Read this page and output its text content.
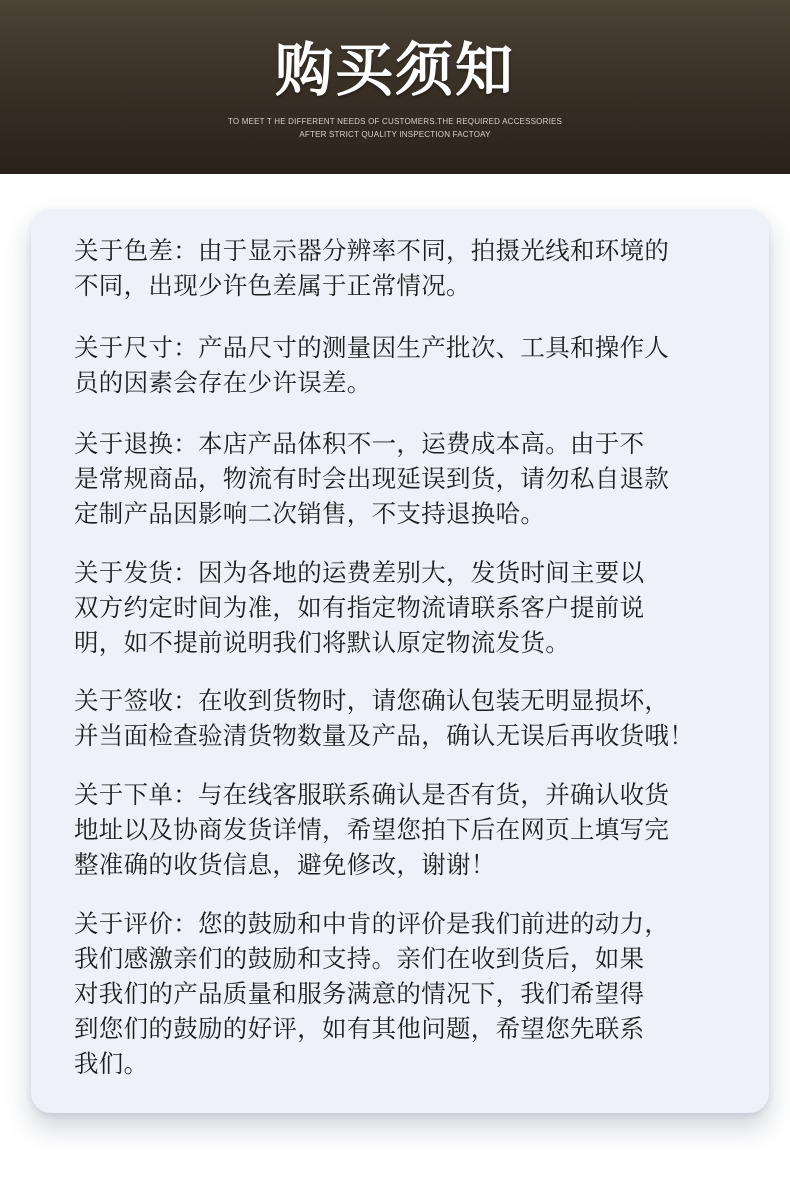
购买须知
TO MEET T HE DIFFERENT NEEDS OF CUSTOMERS.THE REQUIRED ACCESSORIES
AFTER STRICT QUALITY INSPECTION FACTOAY

关于色差：由于显示器分辨率不同，拍摄光线和环境的
不同，出现少许色差属于正常情况。

关于尺寸：产品尺寸的测量因生产批次、工具和操作人
员的因素会存在少许误差。

关于退换：本店产品体积不一，运费成本高。由于不
是常规商品，物流有时会出现延误到货，请勿私自退款
定制产品因影响二次销售，不支持退换哈。

关于发货：因为各地的运费差别大，发货时间主要以
双方约定时间为准，如有指定物流请联系客户提前说
明，如不提前说明我们将默认原定物流发货。

关于签收：在收到货物时，请您确认包装无明显损坏，
并当面检查验清货物数量及产品，确认无误后再收货哦！

关于下单：与在线客服联系确认是否有货，并确认收货
地址以及协商发货详情，希望您拍下后在网页上填写完
整准确的收货信息，避免修改，谢谢！

关于评价：您的鼓励和中肯的评价是我们前进的动力，
我们感激亲们的鼓励和支持。亲们在收到货后，如果
对我们的产品质量和服务满意的情况下，我们希望得
到您们的鼓励的好评，如有其他问题，希望您先联系
我们。
